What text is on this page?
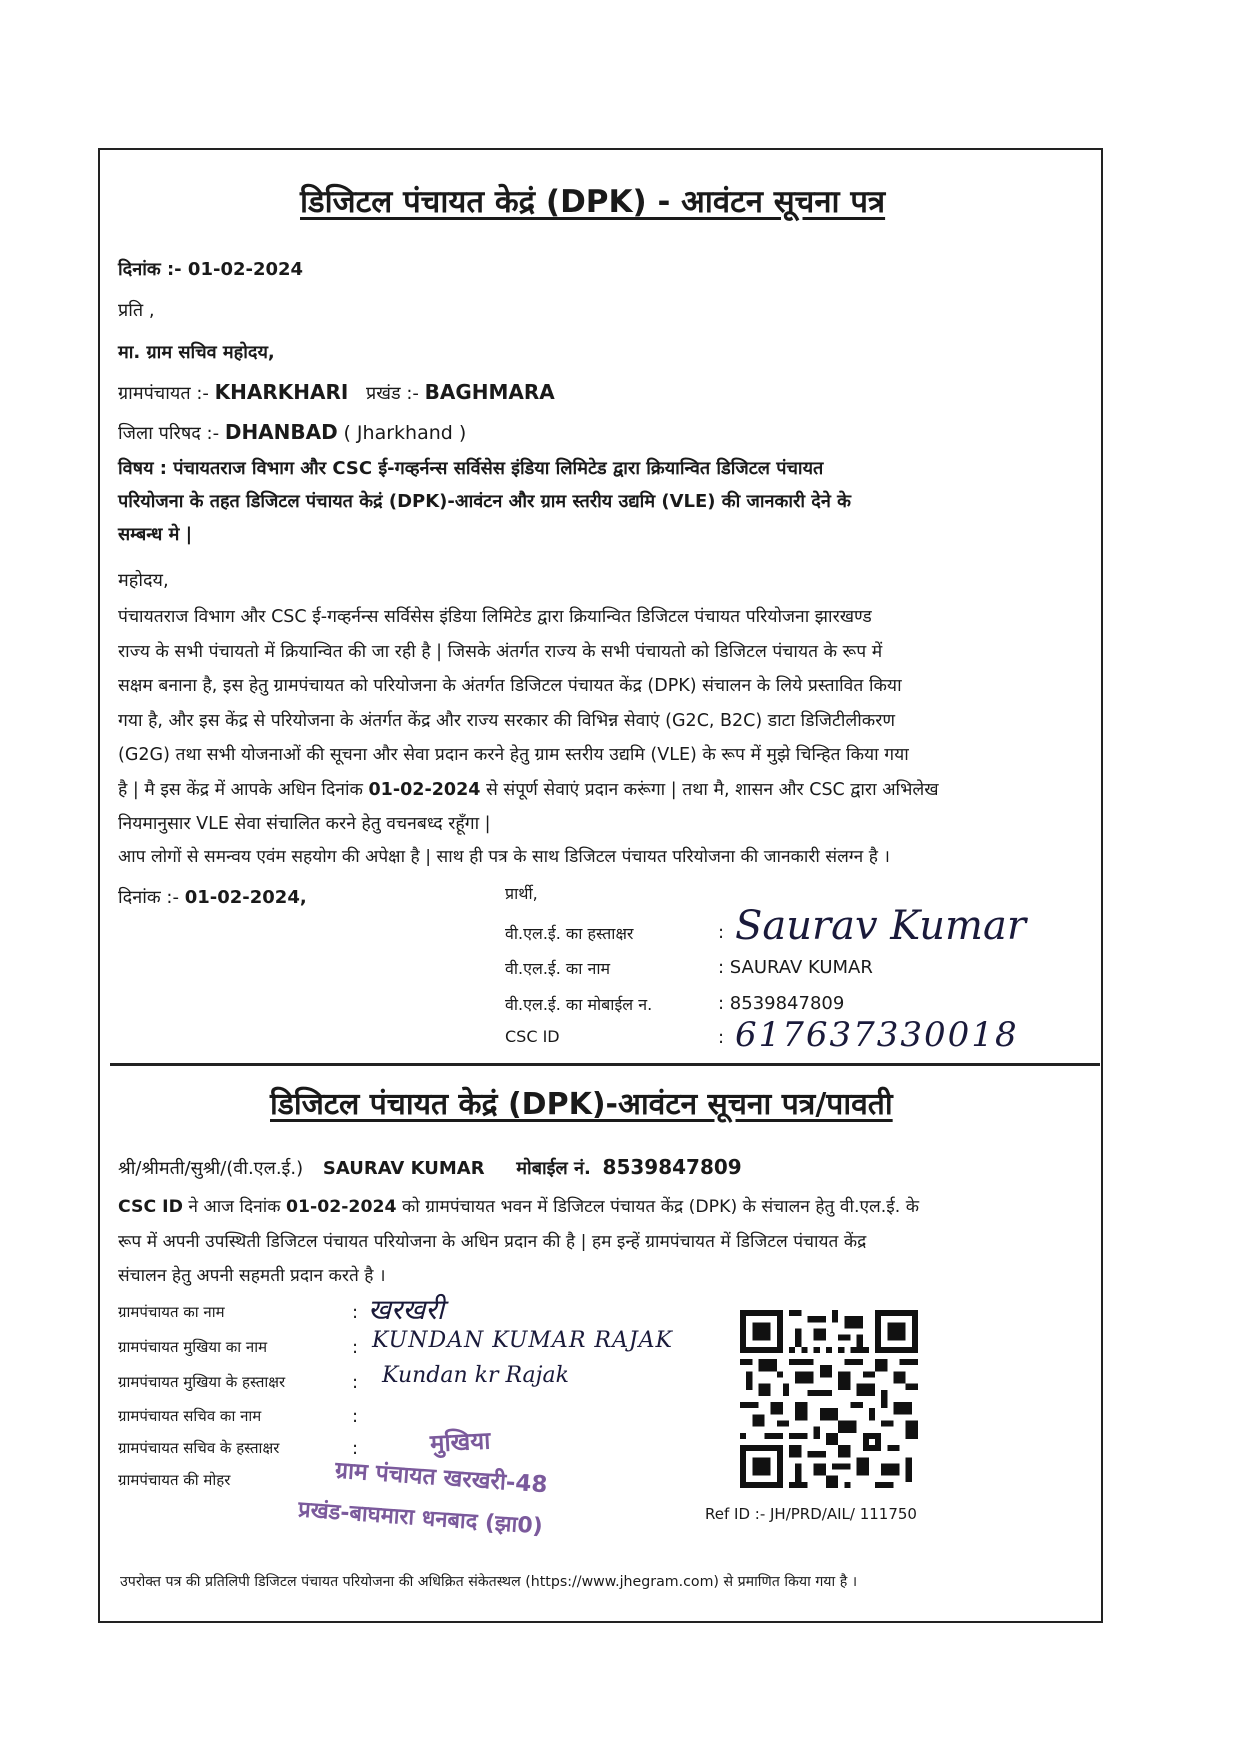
डिजिटल पंचायत केद्रं (DPK) - आवंटन सूचना पत्र
दिनांक :- 01-02-2024
प्रति ,
मा. ग्राम सचिव महोदय,
ग्रामपंचायत :- KHARKHARI प्रखंड :- BAGHMARA
जिला परिषद :- DHANBAD ( Jharkhand )
विषय : पंचायतराज विभाग और CSC ई-गव्हर्नन्स सर्विसेस इंडिया लिमिटेड द्वारा क्रियान्वित डिजिटल पंचायत
परियोजना के तहत डिजिटल पंचायत केद्रं (DPK)-आवंटन और ग्राम स्तरीय उद्यमि (VLE) की जानकारी देने के
सम्बन्ध मे |
महोदय,
पंचायतराज विभाग और CSC ई-गव्हर्नन्स सर्विसेस इंडिया लिमिटेड द्वारा क्रियान्वित डिजिटल पंचायत परियोजना झारखण्ड
राज्य के सभी पंचायतो में क्रियान्वित की जा रही है | जिसके अंतर्गत राज्य के सभी पंचायतो को डिजिटल पंचायत के रूप में
सक्षम बनाना है, इस हेतु ग्रामपंचायत को परियोजना के अंतर्गत डिजिटल पंचायत केंद्र (DPK) संचालन के लिये प्रस्तावित किया
गया है, और इस केंद्र से परियोजना के अंतर्गत केंद्र और राज्य सरकार की विभिन्न सेवाएं (G2C, B2C) डाटा डिजिटीलीकरण
(G2G) तथा सभी योजनाओं की सूचना और सेवा प्रदान करने हेतु ग्राम स्तरीय उद्यमि (VLE) के रूप में मुझे चिन्हित किया गया
है | मै इस केंद्र में आपके अधिन दिनांक 01-02-2024 से संपूर्ण सेवाएं प्रदान करूंगा | तथा मै, शासन और CSC द्वारा अभिलेख
नियमानुसार VLE सेवा संचालित करने हेतु वचनबध्द रहूँगा |
आप लोगों से समन्वय एवंम सहयोग की अपेक्षा है | साथ ही पत्र के साथ डिजिटल पंचायत परियोजना की जानकारी संलग्न है ।
दिनांक :- 01-02-2024,	प्रार्थी,
वी.एल.ई. का हस्ताक्षर	: Saurav Kumar
वी.एल.ई. का नाम	: SAURAV KUMAR
वी.एल.ई. का मोबाईल न.	: 8539847809
CSC ID	: 617637330018
डिजिटल पंचायत केद्रं (DPK)-आवंटन सूचना पत्र/पावती
श्री/श्रीमती/सुश्री/(वी.एल.ई.) SAURAV KUMAR मोबाईल नं. 8539847809
CSC ID ने आज दिनांक 01-02-2024 को ग्रामपंचायत भवन में डिजिटल पंचायत केंद्र (DPK) के संचालन हेतु वी.एल.ई. के
रूप में अपनी उपस्थिती डिजिटल पंचायत परियोजना के अधिन प्रदान की है | हम इन्हें ग्रामपंचायत में डिजिटल पंचायत केंद्र
संचालन हेतु अपनी सहमती प्रदान करते है ।
ग्रामपंचायत का नाम	: खरखरी
ग्रामपंचायत मुखिया का नाम	: KUNDAN KUMAR RAJAK
ग्रामपंचायत मुखिया के हस्ताक्षर	: Kundan kr Rajak
ग्रामपंचायत सचिव का नाम	:
ग्रामपंचायत सचिव के हस्ताक्षर	:
ग्रामपंचायत की मोहर
मुखिया
ग्राम पंचायत खरखरी-48
प्रखंड-बाघमारा धनबाद (झा0)	Ref ID :- JH/PRD/AIL/ 111750
उपरोक्त पत्र की प्रतिलिपी डिजिटल पंचायत परियोजना की अधिक्रित संकेतस्थल (https://www.jhegram.com) से प्रमाणित किया गया है ।
